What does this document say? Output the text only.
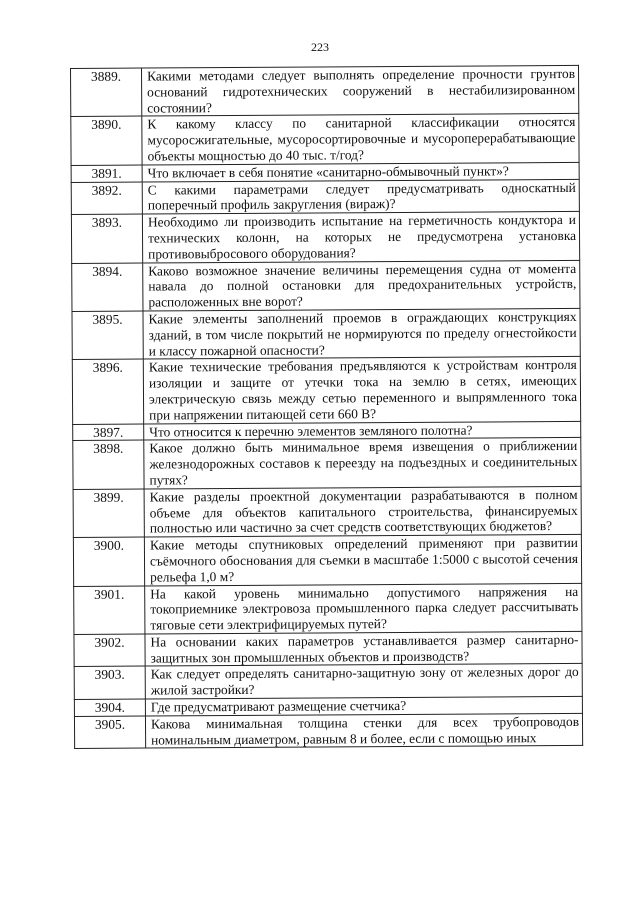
223
3889.	Какими методами следует выполнять определение прочности грунтов оснований гидротехнических сооружений в нестабилизированном состоянии?
3890.	К какому классу по санитарной классификации относятся мусоросжигательные, мусоросортировочные и мусороперерабатывающие объекты мощностью до 40 тыс. т/год?
3891.	Что включает в себя понятие «санитарно-обмывочный пункт»?
3892.	С какими параметрами следует предусматривать односкатный поперечный профиль закругления (вираж)?
3893.	Необходимо ли производить испытание на герметичность кондуктора и технических колонн, на которых не предусмотрена установка противовыбросового оборудования?
3894.	Каково возможное значение величины перемещения судна от момента навала до полной остановки для предохранительных устройств, расположенных вне ворот?
3895.	Какие элементы заполнений проемов в ограждающих конструкциях зданий, в том числе покрытий не нормируются по пределу огнестойкости и классу пожарной опасности?
3896.	Какие технические требования предъявляются к устройствам контроля изоляции и защите от утечки тока на землю в сетях, имеющих электрическую связь между сетью переменного и выпрямленного тока при напряжении питающей сети 660 В?
3897.	Что относится к перечню элементов земляного полотна?
3898.	Какое должно быть минимальное время извещения о приближении железнодорожных составов к переезду на подъездных и соединительных путях?
3899.	Какие разделы проектной документации разрабатываются в полном объеме для объектов капитального строительства, финансируемых полностью или частично за счет средств соответствующих бюджетов?
3900.	Какие методы спутниковых определений применяют при развитии съёмочного обоснования для съемки в масштабе 1:5000 с высотой сечения рельефа 1,0 м?
3901.	На какой уровень минимально допустимого напряжения на токоприемнике электровоза промышленного парка следует рассчитывать тяговые сети электрифицируемых путей?
3902.	На основании каких параметров устанавливается размер санитарно-защитных зон промышленных объектов и производств?
3903.	Как следует определять санитарно-защитную зону от железных дорог до жилой застройки?
3904.	Где предусматривают размещение счетчика?
3905.	Какова минимальная толщина стенки для всех трубопроводов номинальным диаметром, равным 8 и более, если с помощью иных
